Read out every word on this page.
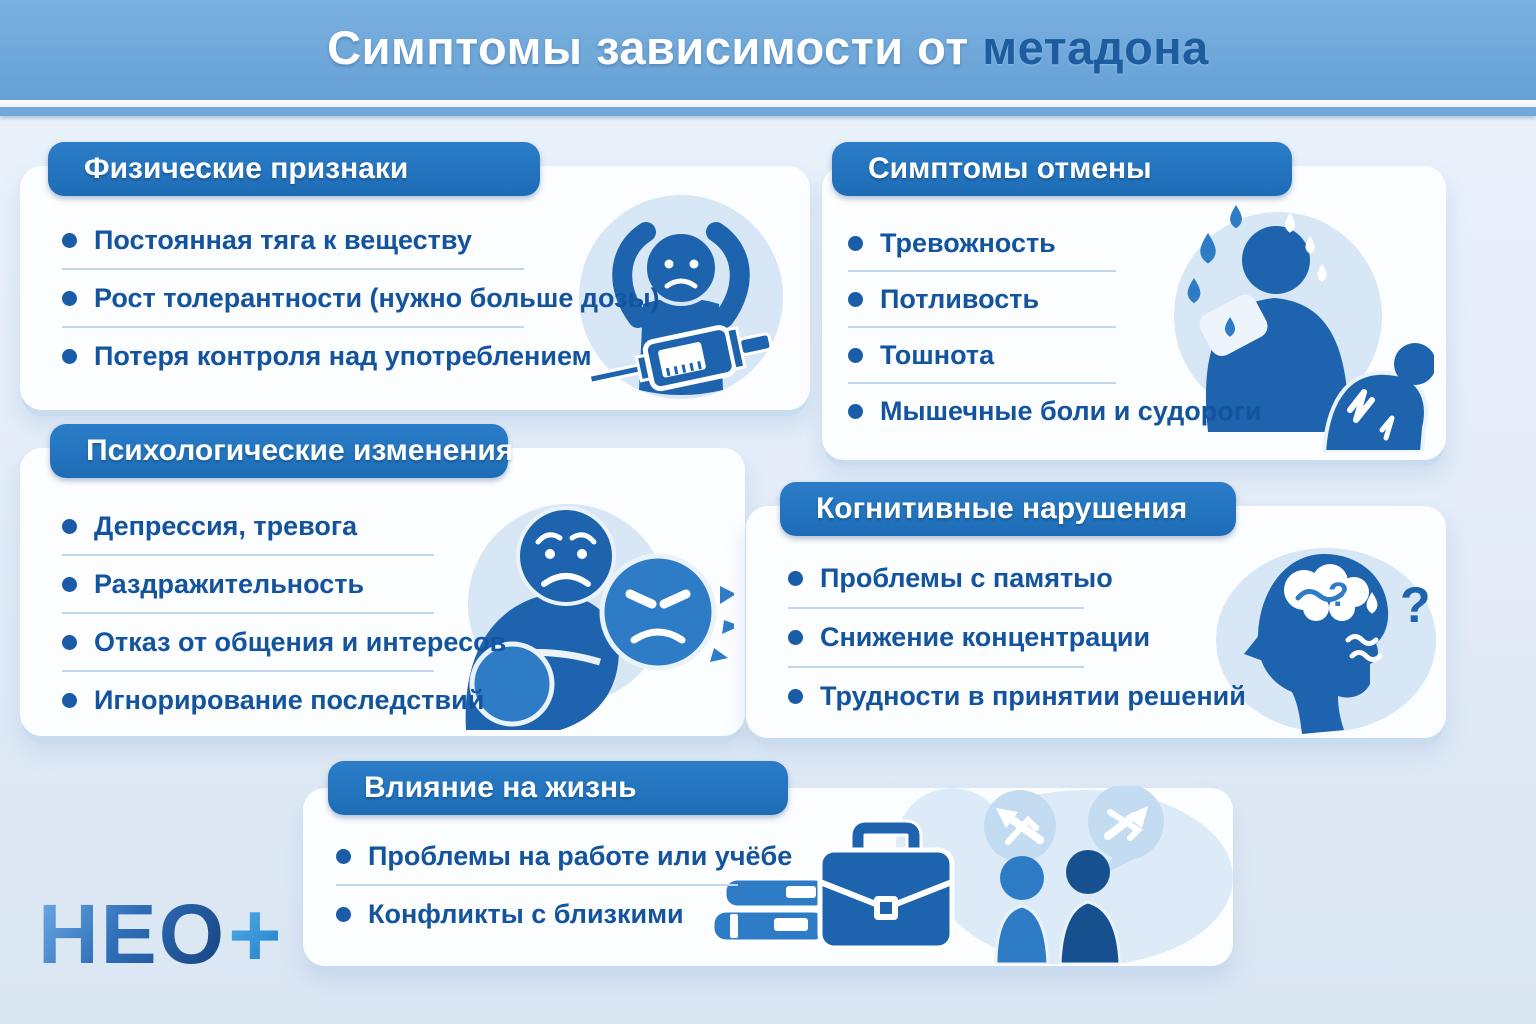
Симптомы зависимости от метадона
Физические признаки
Постоянная тяга к веществу
Рост толерантности (нужно больше дозы)
Потеря контроля над употреблением
Симптомы отмены
Тревожность
Потливость
Тошнота
Мышечные боли и судороги
Психологические изменения
Депрессия, тревога
Раздражительность
Отказ от общения и интересов
Игнорирование последствий
Когнитивные нарушения
Проблемы с памятыо
Снижение концентрации
Трудности в принятии решений
? ?
Влияние на жизнь
Проблемы на работе или учёбе
Конфликты с близкими
НЕО +
